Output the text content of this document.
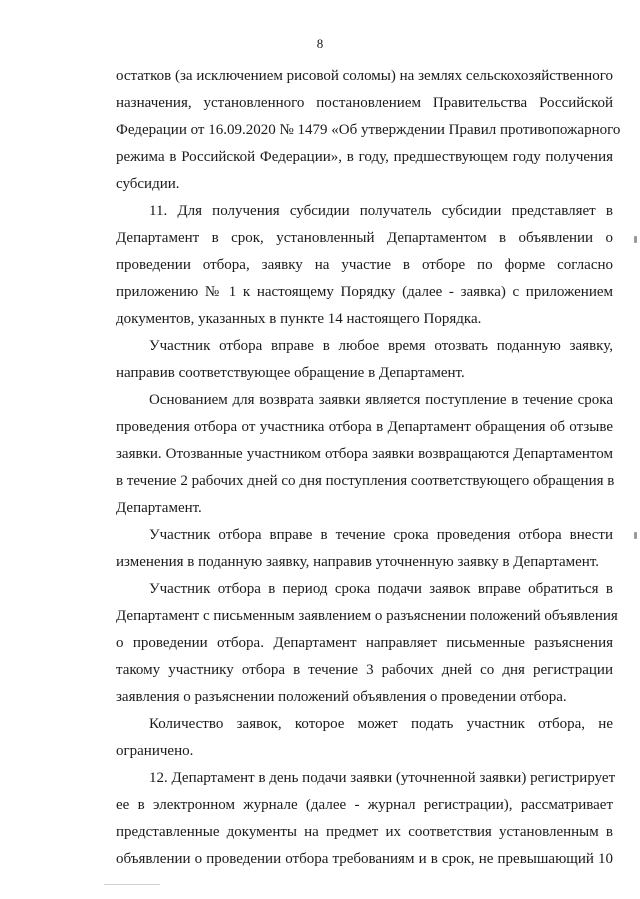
8
остатков (за исключением рисовой соломы) на землях сельскохозяйственного
назначения, установленного постановлением Правительства Российской
Федерации от 16.09.2020 № 1479 «Об утверждении Правил противопожарного
режима в Российской Федерации», в году, предшествующем году получения
субсидии.
11. Для получения субсидии получатель субсидии представляет в
Департамент в срок, установленный Департаментом в объявлении о
проведении отбора, заявку на участие в отборе по форме согласно
приложению № 1 к настоящему Порядку (далее - заявка) с приложением
документов, указанных в пункте 14 настоящего Порядка.
Участник отбора вправе в любое время отозвать поданную заявку,
направив соответствующее обращение в Департамент.
Основанием для возврата заявки является поступление в течение срока
проведения отбора от участника отбора в Департамент обращения об отзыве
заявки. Отозванные участником отбора заявки возвращаются Департаментом
в течение 2 рабочих дней со дня поступления соответствующего обращения в
Департамент.
Участник отбора вправе в течение срока проведения отбора внести
изменения в поданную заявку, направив уточненную заявку в Департамент.
Участник отбора в период срока подачи заявок вправе обратиться в
Департамент с письменным заявлением о разъяснении положений объявления
о проведении отбора. Департамент направляет письменные разъяснения
такому участнику отбора в течение 3 рабочих дней со дня регистрации
заявления о разъяснении положений объявления о проведении отбора.
Количество заявок, которое может подать участник отбора, не
ограничено.
12. Департамент в день подачи заявки (уточненной заявки) регистрирует
ее в электронном журнале (далее - журнал регистрации), рассматривает
представленные документы на предмет их соответствия установленным в
объявлении о проведении отбора требованиям и в срок, не превышающий 10
